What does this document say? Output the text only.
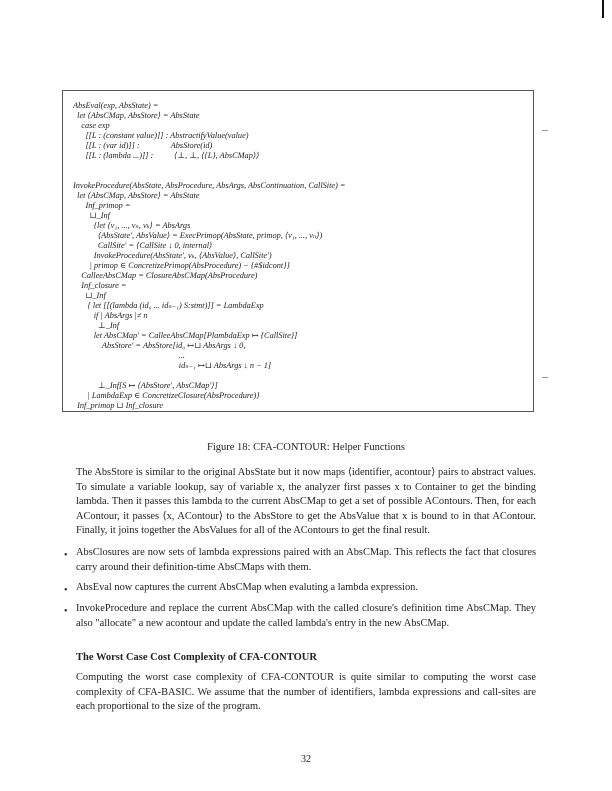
AbsEval(exp, AbsState) =
let ⟨AbsCMap, AbsStore⟩ = AbsState
case exp
[[L : (constant value)]] : AbstractifyValue(value)
[[L : (var id)]] :               AbsStore(id)
[[L : (lambda ...)]] :          ⟨⊥, ⊥, ⟨{L}, AbsCMap⟩⟩
InvokeProcedure(AbsState, AbsProcedure, AbsArgs, AbsContinuation, CallSite) =
let ⟨AbsCMap, AbsStore⟩ = AbsState
Inf_primop =
⊔_Inf
{let ⟨v₁, ..., vₙ, vₖ⟩ = AbsArgs
⟨AbsState′, AbsValue⟩ = ExecPrimop(AbsState, primop, ⟨v₁, ..., vₙ⟩)
CallSite′ = ⟨CallSite ↓ 0, internal⟩
InvokeProcedure(AbsState′, vₖ, ⟨AbsValue⟩, CallSite′)
| primop ∈ ConcretizePrimop(AbsProcedure) − {#$idcont}}
CalleeAbsCMap = ClosureAbsCMap(AbsProcedure)
Inf_closure =
⊔_Inf
{ let [[(lambda (id₀ ... idₙ₋₁) S:stmt)]] = LambdaExp
if | AbsArgs |≠ n
⊥_Inf
let AbsCMap′ = CalleeAbsCMap[PlambdaExp ↦ {CallSite}]
AbsStore′ = AbsStore[id₀ ↦⊔ AbsArgs ↓ 0,
...
idₙ₋₁ ↦⊔ AbsArgs ↓ n − 1]
⊥_Inf[S ↦ ⟨AbsStore′, AbsCMap′⟩]
| LambdaExp ∈ ConcretizeClosure(AbsProcedure)}
Inf_primop ⊔ Inf_closure
Figure 18: CFA-CONTOUR: Helper Functions
The AbsStore is similar to the original AbsState but it now maps ⟨identifier, acontour⟩ pairs to abstract values. To simulate a variable lookup, say of variable x, the analyzer first passes x to Container to get the binding lambda. Then it passes this lambda to the current AbsCMap to get a set of possible AContours. Then, for each AContour, it passes ⟨x, AContour⟩ to the AbsStore to get the AbsValue that x is bound to in that AContour. Finally, it joins together the AbsValues for all of the AContours to get the final result.
• AbsClosures are now sets of lambda expressions paired with an AbsCMap. This reflects the fact that closures carry around their definition-time AbsCMaps with them.
• AbsEval now captures the current AbsCMap when evaluting a lambda expression.
• InvokeProcedure and replace the current AbsCMap with the called closure's definition time AbsCMap. They also "allocate" a new acontour and update the called lambda's entry in the new AbsCMap.
The Worst Case Cost Complexity of CFA-CONTOUR
Computing the worst case complexity of CFA-CONTOUR is quite similar to computing the worst case complexity of CFA-BASIC. We assume that the number of identifiers, lambda expressions and call-sites are each proportional to the size of the program.
32
